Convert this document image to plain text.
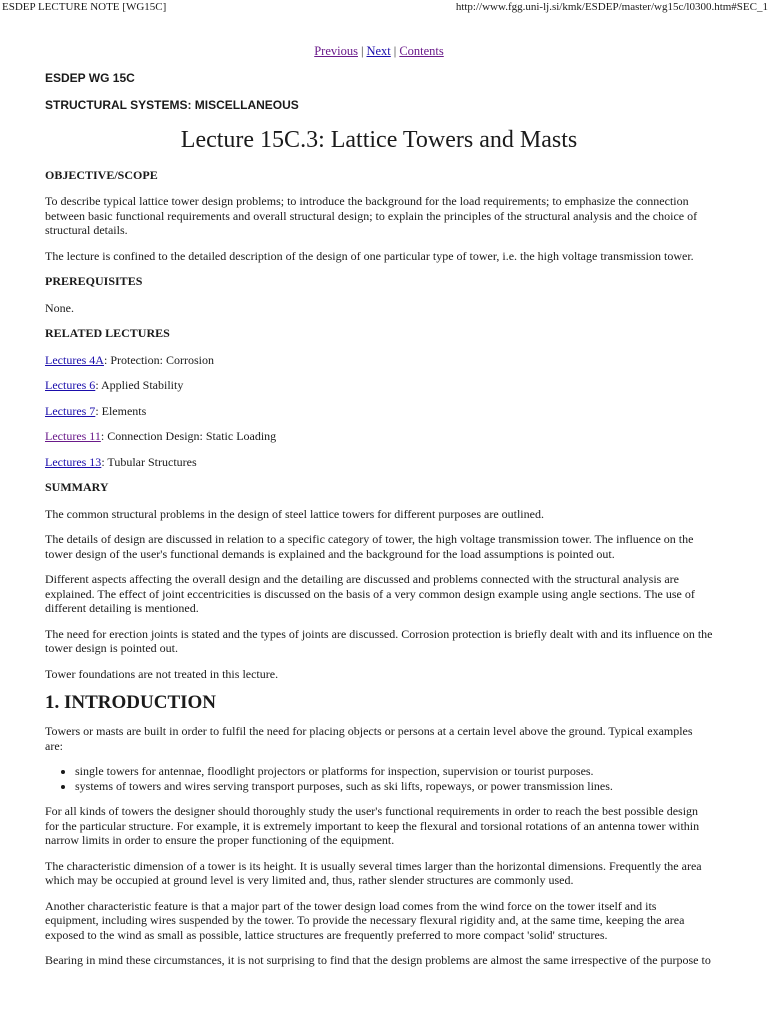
ESDEP LECTURE NOTE [WG15C]	http://www.fgg.uni-lj.si/kmk/ESDEP/master/wg15c/l0300.htm#SEC_1
Previous | Next | Contents
ESDEP WG 15C
STRUCTURAL SYSTEMS: MISCELLANEOUS
Lecture 15C.3: Lattice Towers and Masts
OBJECTIVE/SCOPE

To describe typical lattice tower design problems; to introduce the background for the load requirements; to emphasize the connection between basic functional requirements and overall structural design; to explain the principles of the structural analysis and the choice of structural details.

The lecture is confined to the detailed description of the design of one particular type of tower, i.e. the high voltage transmission tower.

PREREQUISITES

None.

RELATED LECTURES

Lectures 4A: Protection: Corrosion

Lectures 6: Applied Stability

Lectures 7: Elements

Lectures 11: Connection Design: Static Loading

Lectures 13: Tubular Structures

SUMMARY

The common structural problems in the design of steel lattice towers for different purposes are outlined.

The details of design are discussed in relation to a specific category of tower, the high voltage transmission tower. The influence on the tower design of the user's functional demands is explained and the background for the load assumptions is pointed out.

Different aspects affecting the overall design and the detailing are discussed and problems connected with the structural analysis are explained. The effect of joint eccentricities is discussed on the basis of a very common design example using angle sections. The use of different detailing is mentioned.

The need for erection joints is stated and the types of joints are discussed. Corrosion protection is briefly dealt with and its influence on the tower design is pointed out.

Tower foundations are not treated in this lecture.

1. INTRODUCTION

Towers or masts are built in order to fulfil the need for placing objects or persons at a certain level above the ground. Typical examples are:

• single towers for antennae, floodlight projectors or platforms for inspection, supervision or tourist purposes.
• systems of towers and wires serving transport purposes, such as ski lifts, ropeways, or power transmission lines.

For all kinds of towers the designer should thoroughly study the user's functional requirements in order to reach the best possible design for the particular structure. For example, it is extremely important to keep the flexural and torsional rotations of an antenna tower within narrow limits in order to ensure the proper functioning of the equipment.

The characteristic dimension of a tower is its height. It is usually several times larger than the horizontal dimensions. Frequently the area which may be occupied at ground level is very limited and, thus, rather slender structures are commonly used.

Another characteristic feature is that a major part of the tower design load comes from the wind force on the tower itself and its equipment, including wires suspended by the tower. To provide the necessary flexural rigidity and, at the same time, keeping the area exposed to the wind as small as possible, lattice structures are frequently preferred to more compact 'solid' structures.

Bearing in mind these circumstances, it is not surprising to find that the design problems are almost the same irrespective of the purpose to
